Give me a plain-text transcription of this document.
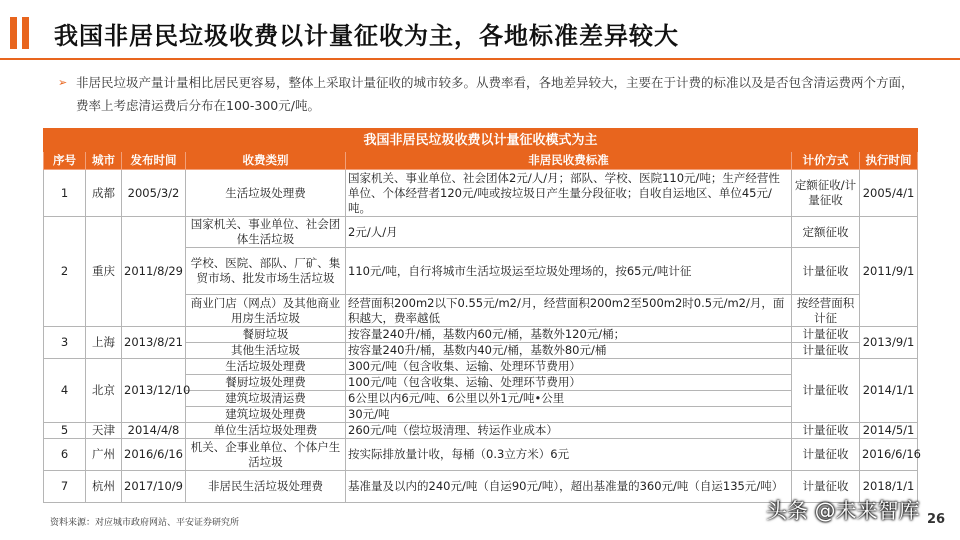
我国非居民垃圾收费以计量征收为主，各地标准差异较大
➢ 非居民垃圾产量计量相比居民更容易，整体上采取计量征收的城市较多。从费率看，各地差异较大，主要在于计费的标准以及是否包含清运费两个方面，费率上考虑清运费后分布在100-300元/吨。
我国非居民垃圾收费以计量征收模式为主						
序号	城市	发布时间	收费类别	非居民收费标准	计价方式	执行时间
1	成都	2005/3/2	生活垃圾处理费	国家机关、事业单位、社会团体2元/人/月；部队、学校、医院110元/吨；生产经营性单位、个体经营者120元/吨或按垃圾日产生量分段征收；自收自运地区、单位45元/吨。	定额征收/计量征收	2005/4/1
2	重庆	2011/8/29	国家机关、事业单位、社会团体生活垃圾	2元/人/月	定额征收	2011/9/1
			学校、医院、部队、厂矿、集贸市场、批发市场生活垃圾	110元/吨，自行将城市生活垃圾运至垃圾处理场的，按65元/吨计征	计量征收	
			商业门店（网点）及其他商业用房生活垃圾	经营面积200m2以下0.55元/m2/月，经营面积200m2至500m2时0.5元/m2/月，面积越大，费率越低	按经营面积计征	
3	上海	2013/8/21	餐厨垃圾	按容量240升/桶，基数内60元/桶，基数外120元/桶；	计量征收	2013/9/1
			其他生活垃圾	按容量240升/桶，基数内40元/桶，基数外80元/桶	计量征收	
4	北京	2013/12/10	生活垃圾处理费	300元/吨（包含收集、运输、处理环节费用）	计量征收	2014/1/1
			餐厨垃圾处理费	100元/吨（包含收集、运输、处理环节费用）		
			建筑垃圾清运费	6公里以内6元/吨、6公里以外1元/吨•公里		
			建筑垃圾处理费	30元/吨		
5	天津	2014/4/8	单位生活垃圾处理费	260元/吨（偿垃圾清理、转运作业成本）	计量征收	2014/5/1
6	广州	2016/6/16	机关、企事业单位、个体户生活垃圾	按实际排放量计收，每桶（0.3立方米）6元	计量征收	2016/6/16
7	杭州	2017/10/9	非居民生活垃圾处理费	基准量及以内的240元/吨（自运90元/吨），超出基准量的360元/吨（自运135元/吨）	计量征收	2018/1/1
资料来源：对应城市政府网站、平安证券研究所	头条 @未来智库 26
